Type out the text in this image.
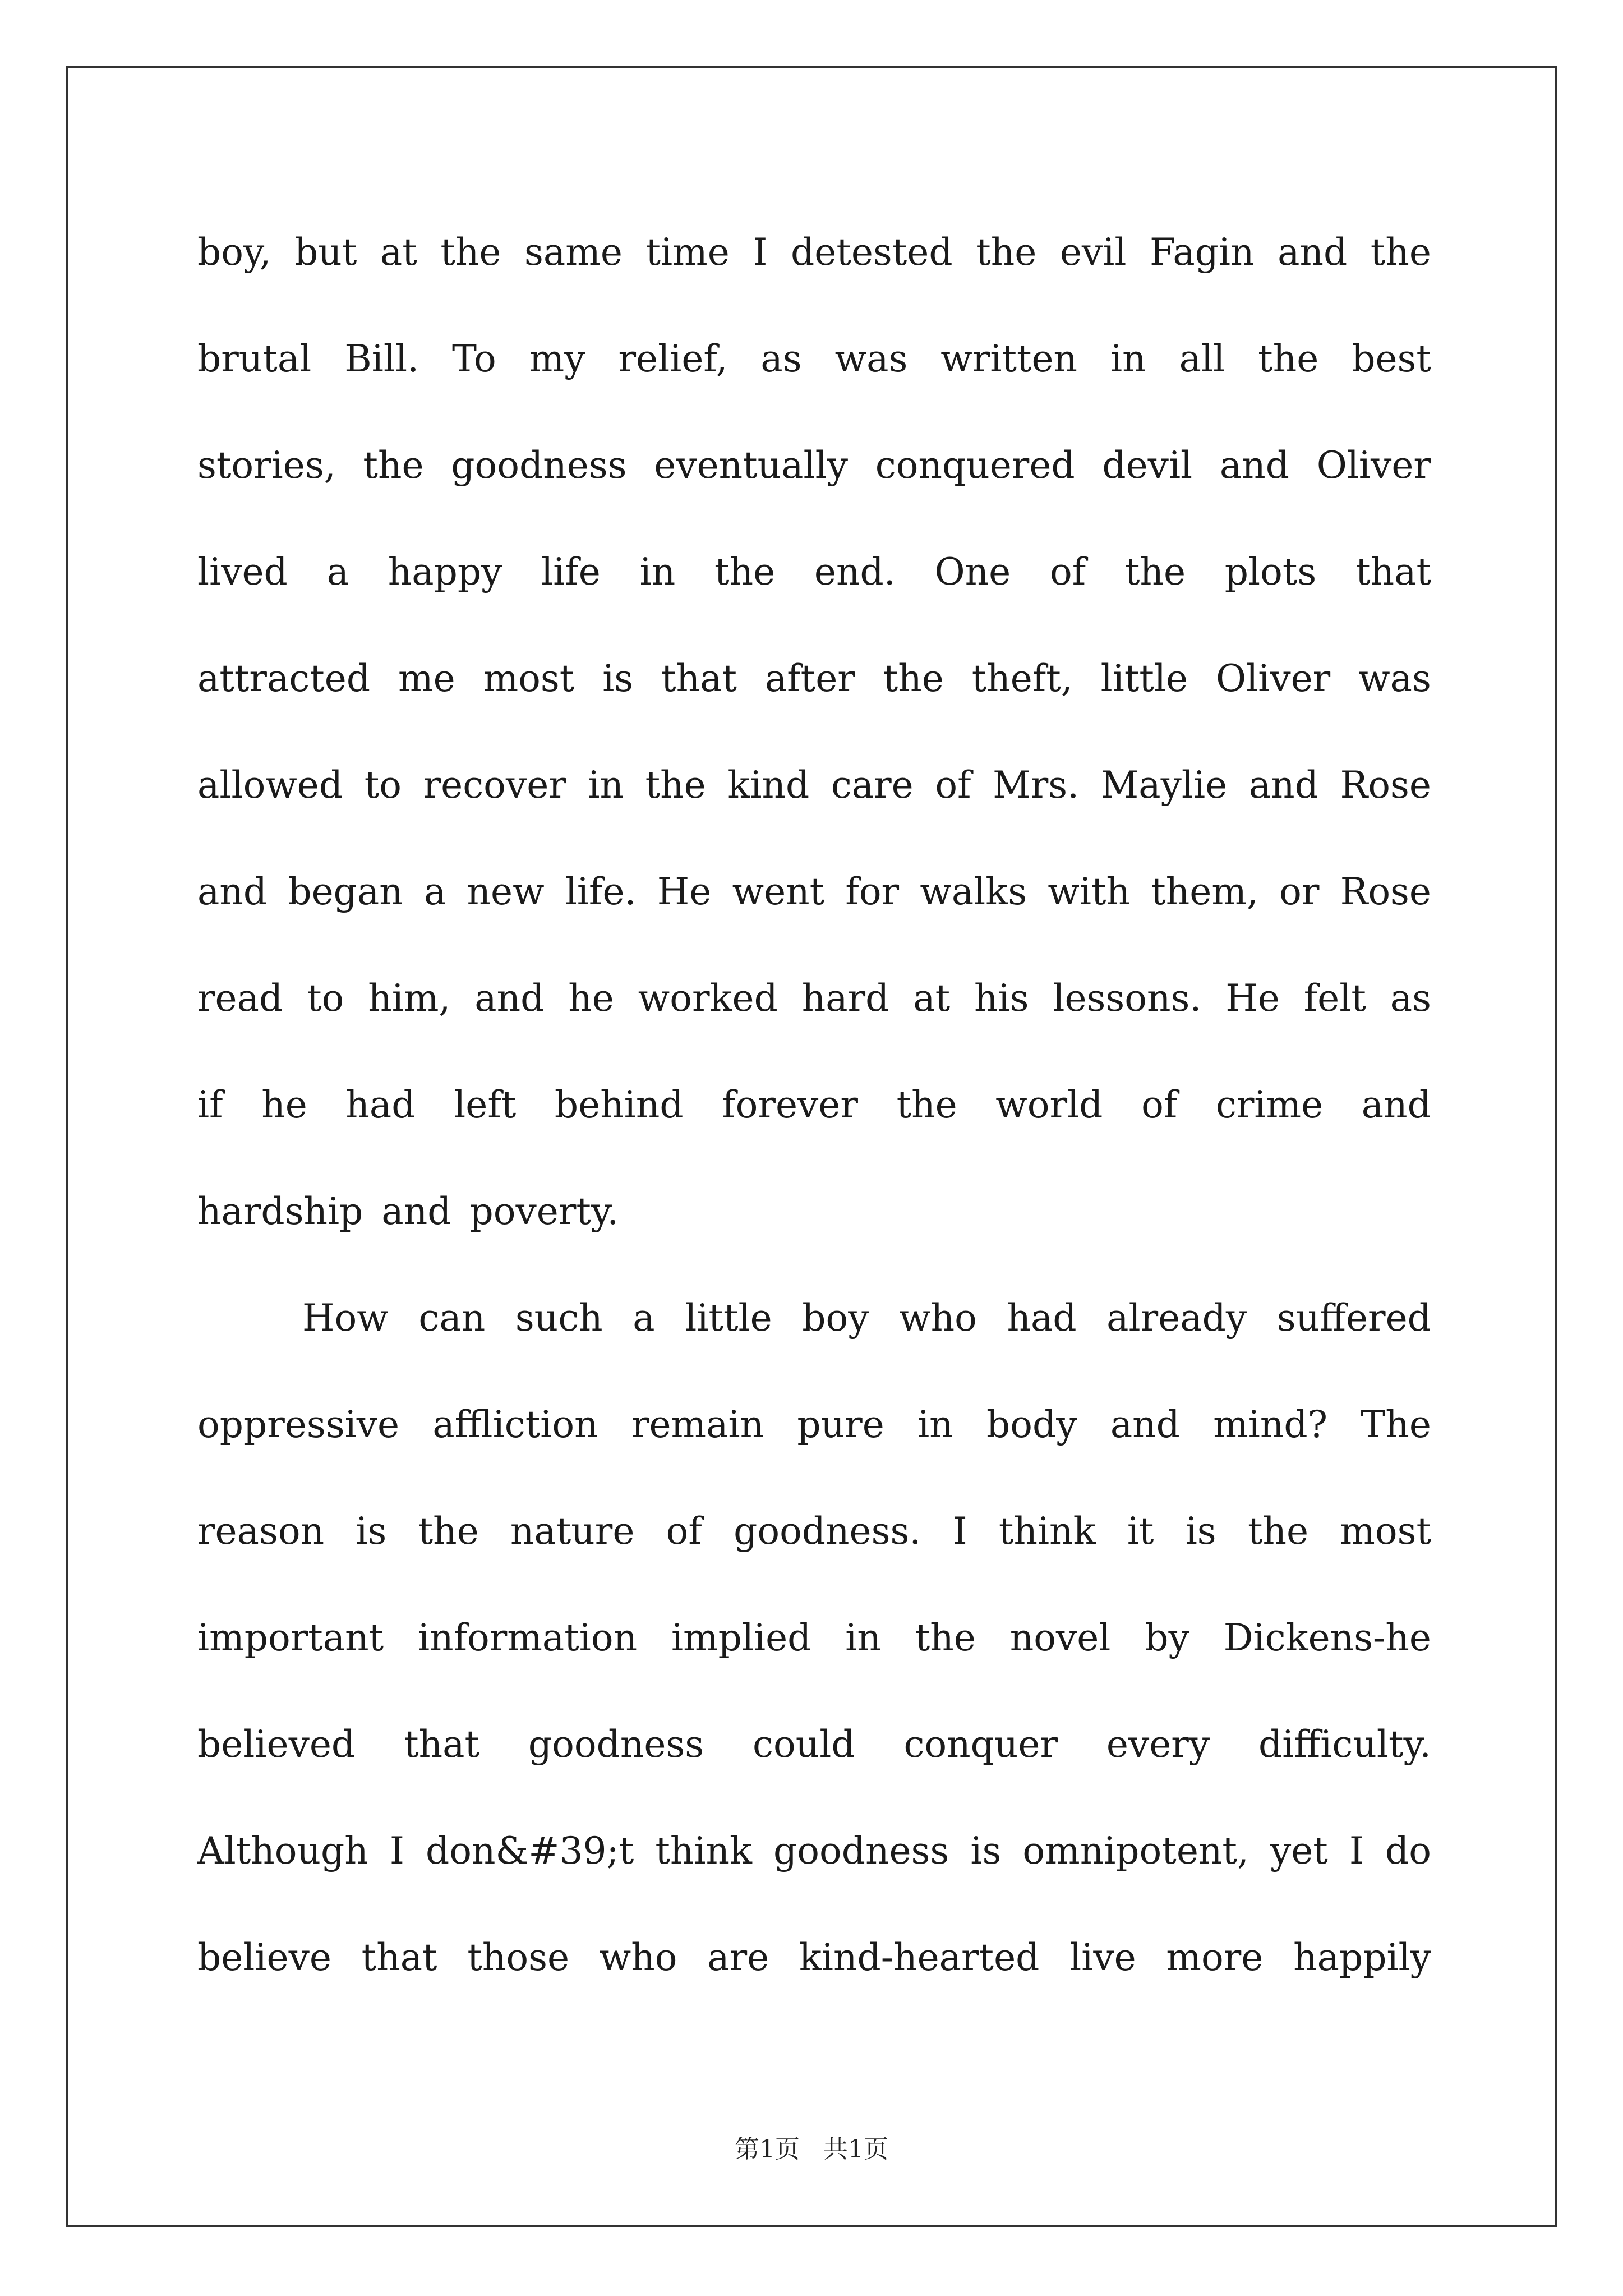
boy, but at the same time I detested the evil Fagin and the
brutal Bill. To my relief, as was written in all the best
stories, the goodness eventually conquered devil and Oliver
lived a happy life in the end. One of the plots that
attracted me most is that after the theft, little Oliver was
allowed to recover in the kind care of Mrs. Maylie and Rose
and began a new life. He went for walks with them, or Rose
read to him, and he worked hard at his lessons. He felt as
if he had left behind forever the world of crime and
hardship and poverty.
How can such a little boy who had already suffered
oppressive affliction remain pure in body and mind? The
reason is the nature of goodness. I think it is the most
important information implied in the novel by Dickens-he
believed that goodness could conquer every difficulty.
Although I don&#39;t think goodness is omnipotent, yet I do
believe that those who are kind-hearted live more happily
第1页   共1页
